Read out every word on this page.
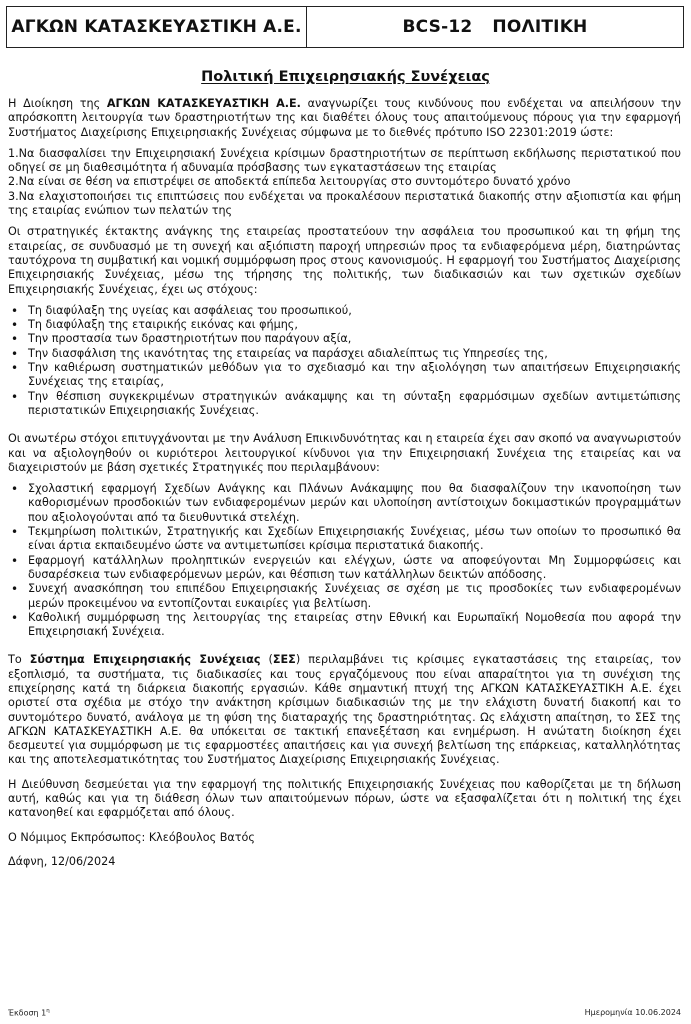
ΑΓΚΩΝ ΚΑΤΑΣΚΕΥΑΣΤΙΚΗ Α.Ε.	BCS-12 ΠΟΛΙΤΙΚΗ
Πολιτική Επιχειρησιακής Συνέχειας

Η Διοίκηση της ΑΓΚΩΝ ΚΑΤΑΣΚΕΥΑΣΤΙΚΗ Α.Ε. αναγνωρίζει τους κινδύνους που ενδέχεται να απειλήσουν την απρόσκοπτη λειτουργία των δραστηριοτήτων της και διαθέτει όλους τους απαιτούμενους πόρους για την εφαρμογή Συστήματος Διαχείρισης Επιχειρησιακής Συνέχειας σύμφωνα με το διεθνές πρότυπο ISO 22301:2019 ώστε:

1.Να διασφαλίσει την Επιχειρησιακή Συνέχεια κρίσιμων δραστηριοτήτων σε περίπτωση εκδήλωσης περιστατικού που οδηγεί σε μη διαθεσιμότητα ή αδυναμία πρόσβασης των εγκαταστάσεων της εταιρίας
2.Να είναι σε θέση να επιστρέψει σε αποδεκτά επίπεδα λειτουργίας στο συντομότερο δυνατό χρόνο
3.Να ελαχιστοποιήσει τις επιπτώσεις που ενδέχεται να προκαλέσουν περιστατικά διακοπής στην αξιοπιστία και φήμη της εταιρίας ενώπιον των πελατών της

Οι στρατηγικές έκτακτης ανάγκης της εταιρείας προστατεύουν την ασφάλεια του προσωπικού και τη φήμη της εταιρείας, σε συνδυασμό με τη συνεχή και αξιόπιστη παροχή υπηρεσιών προς τα ενδιαφερόμενα μέρη, διατηρώντας ταυτόχρονα τη συμβατική και νομική συμμόρφωση προς στους κανονισμούς. Η εφαρμογή του Συστήματος Διαχείρισης Επιχειρησιακής Συνέχειας, μέσω της τήρησης της πολιτικής, των διαδικασιών και των σχετικών σχεδίων Επιχειρησιακής Συνέχειας, έχει ως στόχους:

• Τη διαφύλαξη της υγείας και ασφάλειας του προσωπικού,
• Τη διαφύλαξη της εταιρικής εικόνας και φήμης,
• Την προστασία των δραστηριοτήτων που παράγουν αξία,
• Την διασφάλιση της ικανότητας της εταιρείας να παράσχει αδιαλείπτως τις Υπηρεσίες της,
• Την καθιέρωση συστηματικών μεθόδων για το σχεδιασμό και την αξιολόγηση των απαιτήσεων Επιχειρησιακής Συνέχειας της εταιρίας,
• Την θέσπιση συγκεκριμένων στρατηγικών ανάκαμψης και τη σύνταξη εφαρμόσιμων σχεδίων αντιμετώπισης περιστατικών Επιχειρησιακής Συνέχειας.

Οι ανωτέρω στόχοι επιτυγχάνονται με την Ανάλυση Επικινδυνότητας και η εταιρεία έχει σαν σκοπό να αναγνωριστούν και να αξιολογηθούν οι κυριότεροι λειτουργικοί κίνδυνοι για την Επιχειρησιακή Συνέχεια της εταιρείας και να διαχειριστούν με βάση σχετικές Στρατηγικές που περιλαμβάνουν:

• Σχολαστική εφαρμογή Σχεδίων Ανάγκης και Πλάνων Ανάκαμψης που θα διασφαλίζουν την ικανοποίηση των καθορισμένων προσδοκιών των ενδιαφερομένων μερών και υλοποίηση αντίστοιχων δοκιμαστικών προγραμμάτων που αξιολογούνται από τα διευθυντικά στελέχη.
• Τεκμηρίωση πολιτικών, Στρατηγικής και Σχεδίων Επιχειρησιακής Συνέχειας, μέσω των οποίων το προσωπικό θα είναι άρτια εκπαιδευμένο ώστε να αντιμετωπίσει κρίσιμα περιστατικά διακοπής.
• Εφαρμογή κατάλληλων προληπτικών ενεργειών και ελέγχων, ώστε να αποφεύγονται Μη Συμμορφώσεις και δυσαρέσκεια των ενδιαφερόμενων μερών, και θέσπιση των κατάλληλων δεικτών απόδοσης.
• Συνεχή ανασκόπηση του επιπέδου Επιχειρησιακής Συνέχειας σε σχέση με τις προσδοκίες των ενδιαφερομένων μερών προκειμένου να εντοπίζονται ευκαιρίες για βελτίωση.
• Καθολική συμμόρφωση της λειτουργίας της εταιρείας στην Εθνική και Ευρωπαϊκή Νομοθεσία που αφορά την Επιχειρησιακή Συνέχεια.

Το Σύστημα Επιχειρησιακής Συνέχειας (ΣΕΣ) περιλαμβάνει τις κρίσιμες εγκαταστάσεις της εταιρείας, τον εξοπλισμό, τα συστήματα, τις διαδικασίες και τους εργαζόμενους που είναι απαραίτητοι για τη συνέχιση της επιχείρησης κατά τη διάρκεια διακοπής εργασιών. Κάθε σημαντική πτυχή της ΑΓΚΩΝ ΚΑΤΑΣΚΕΥΑΣΤΙΚΗ Α.Ε. έχει οριστεί στα σχέδια με στόχο την ανάκτηση κρίσιμων διαδικασιών της με την ελάχιστη δυνατή διακοπή και το συντομότερο δυνατό, ανάλογα με τη φύση της διαταραχής της δραστηριότητας. Ως ελάχιστη απαίτηση, το ΣΕΣ της ΑΓΚΩΝ ΚΑΤΑΣΚΕΥΑΣΤΙΚΗ Α.Ε. θα υπόκειται σε τακτική επανεξέταση και ενημέρωση. Η ανώτατη διοίκηση έχει δεσμευτεί για συμμόρφωση με τις εφαρμοστέες απαιτήσεις και για συνεχή βελτίωση της επάρκειας, καταλληλότητας και της αποτελεσματικότητας του Συστήματος Διαχείρισης Επιχειρησιακής Συνέχειας.

Η Διεύθυνση δεσμεύεται για την εφαρμογή της πολιτικής Επιχειρησιακής Συνέχειας που καθορίζεται με τη δήλωση αυτή, καθώς και για τη διάθεση όλων των απαιτούμενων πόρων, ώστε να εξασφαλίζεται ότι η πολιτική της έχει κατανοηθεί και εφαρμόζεται από όλους.

Ο Νόμιμος Εκπρόσωπος: Κλεόβουλος Βατός

Δάφνη, 12/06/2024

Έκδοση $1^\eta$	Ημερομηνία 10.06.2024
